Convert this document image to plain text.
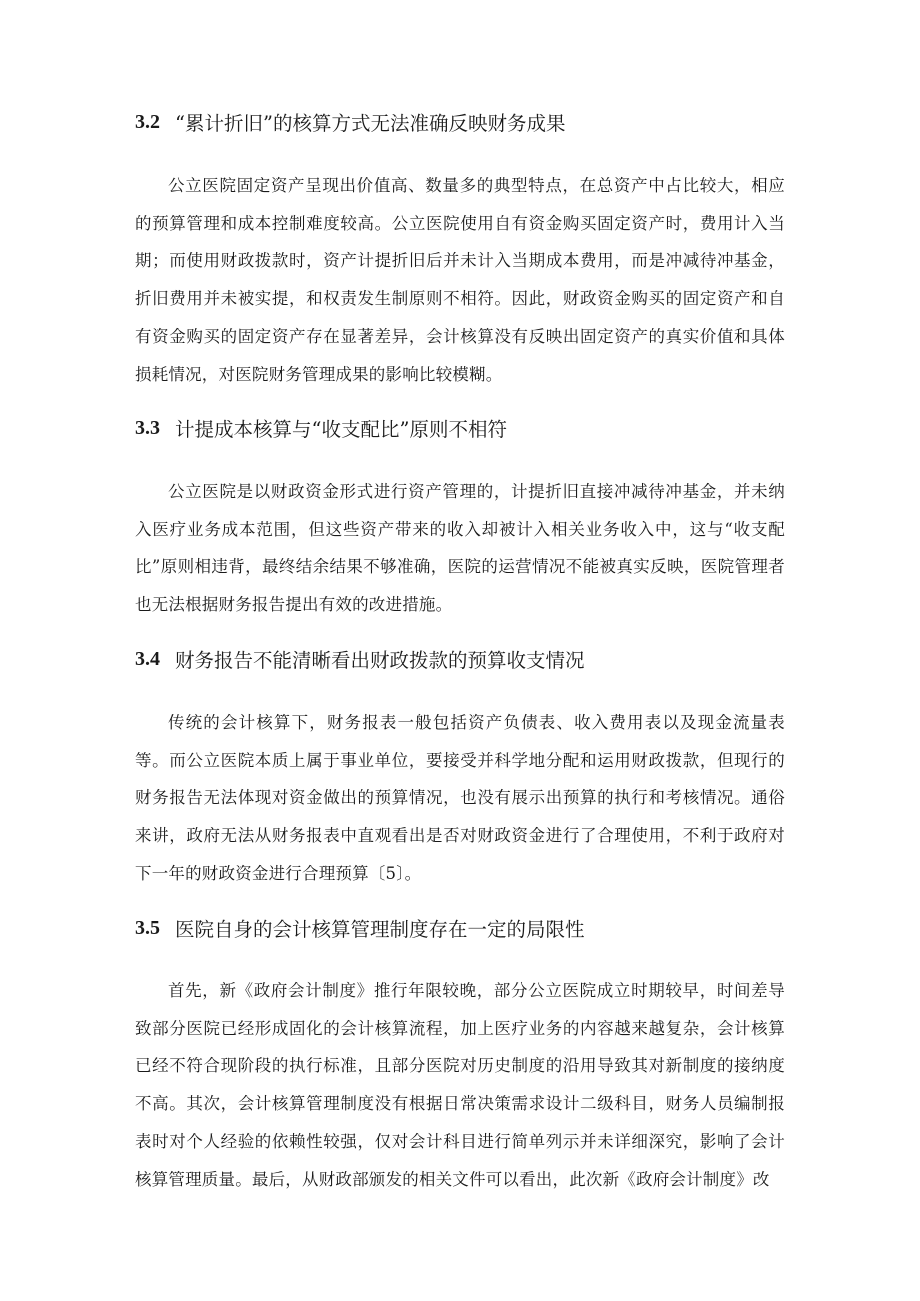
3.2 “累计折旧”的核算方式无法准确反映财务成果

公立医院固定资产呈现出价值高、数量多的典型特点，在总资产中占比较大，相应的预算管理和成本控制难度较高。公立医院使用自有资金购买固定资产时，费用计入当期；而使用财政拨款时，资产计提折旧后并未计入当期成本费用，而是冲减待冲基金，折旧费用并未被实提，和权责发生制原则不相符。因此，财政资金购买的固定资产和自有资金购买的固定资产存在显著差异，会计核算没有反映出固定资产的真实价值和具体损耗情况，对医院财务管理成果的影响比较模糊。

3.3 计提成本核算与“收支配比”原则不相符

公立医院是以财政资金形式进行资产管理的，计提折旧直接冲减待冲基金，并未纳入医疗业务成本范围，但这些资产带来的收入却被计入相关业务收入中，这与“收支配比”原则相违背，最终结余结果不够准确，医院的运营情况不能被真实反映，医院管理者也无法根据财务报告提出有效的改进措施。

3.4 财务报告不能清晰看出财政拨款的预算收支情况

传统的会计核算下，财务报表一般包括资产负债表、收入费用表以及现金流量表等。而公立医院本质上属于事业单位，要接受并科学地分配和运用财政拨款，但现行的财务报告无法体现对资金做出的预算情况，也没有展示出预算的执行和考核情况。通俗来讲，政府无法从财务报表中直观看出是否对财政资金进行了合理使用，不利于政府对下一年的财政资金进行合理预算〔5〕。

3.5 医院自身的会计核算管理制度存在一定的局限性

首先，新《政府会计制度》推行年限较晚，部分公立医院成立时期较早，时间差导致部分医院已经形成固化的会计核算流程，加上医疗业务的内容越来越复杂，会计核算已经不符合现阶段的执行标准，且部分医院对历史制度的沿用导致其对新制度的接纳度不高。其次，会计核算管理制度没有根据日常决策需求设计二级科目，财务人员编制报表时对个人经验的依赖性较强，仅对会计科目进行简单列示并未详细深究，影响了会计核算管理质量。最后，从财政部颁发的相关文件可以看出，此次新《政府会计制度》改
